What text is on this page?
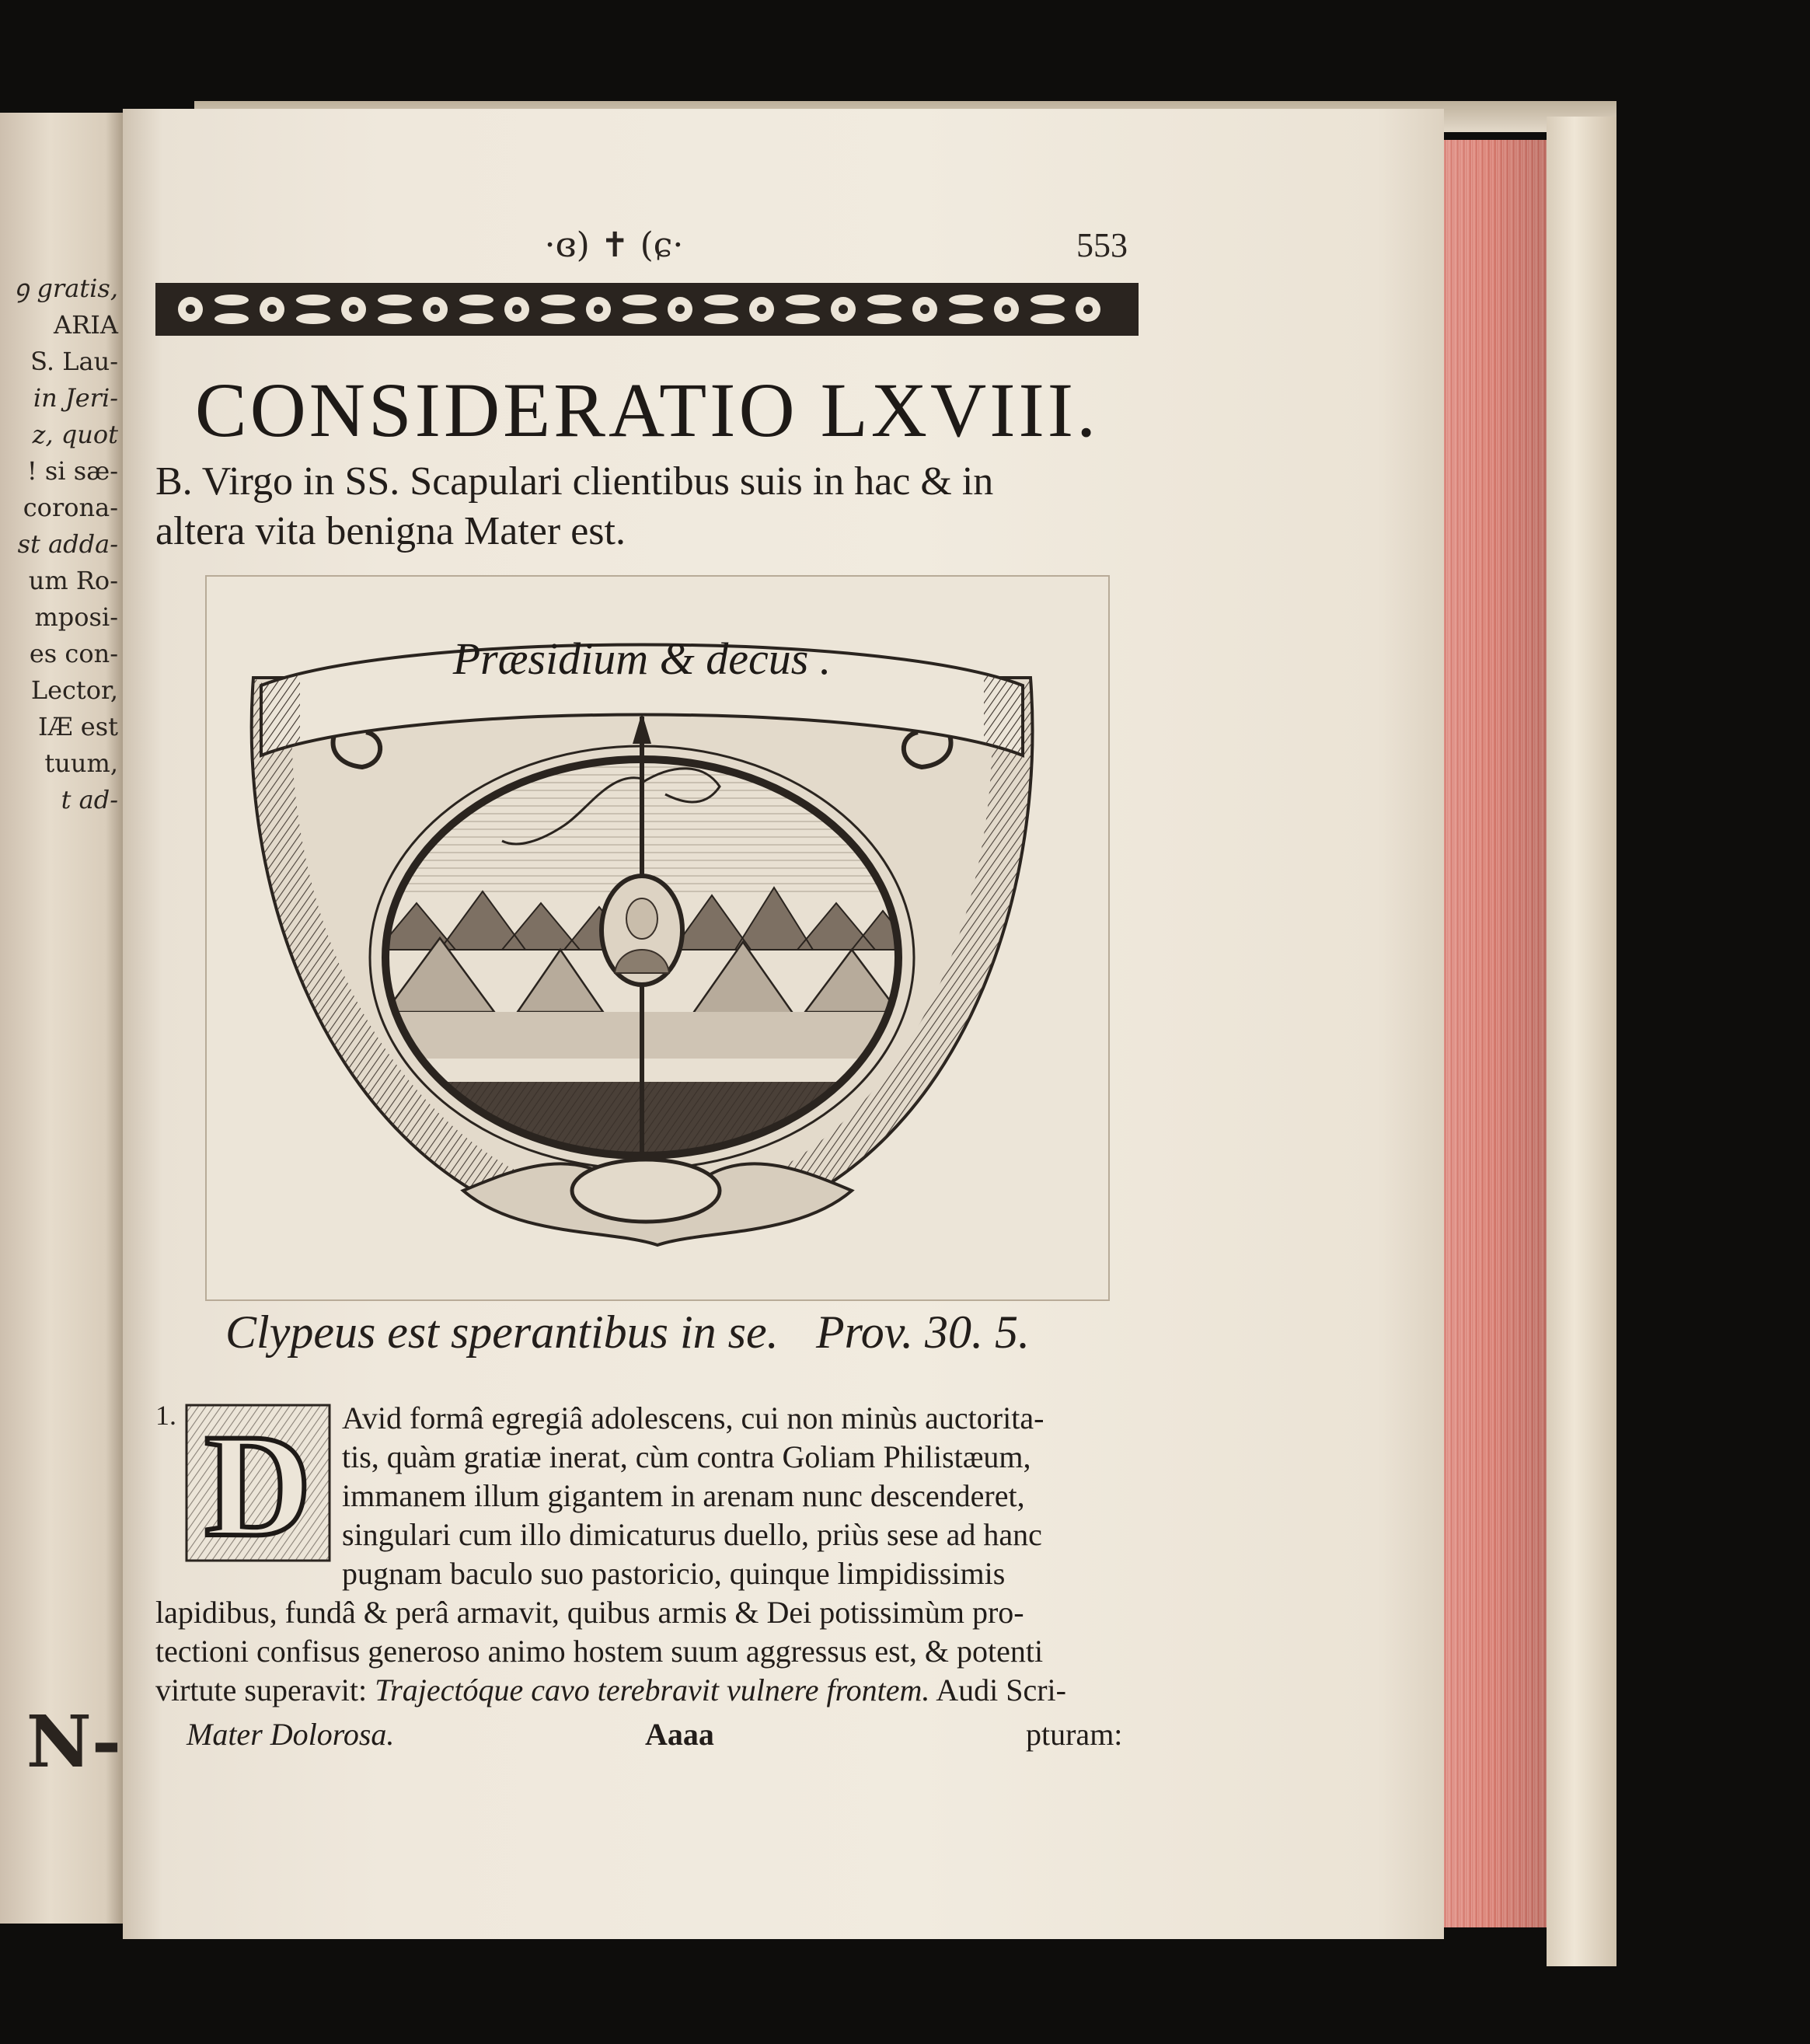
ꝯ gratis,
ARIA
S. Lau-
in Jeri-
z, quot
! si sæ-
corona-
st adda-
um Ro-
mposi-
es con-
Lector,
IÆ est
tuum,
t ad-
N-
·ɞ) ✝ (ɕ·	553
CONSIDERATIO LXVIII.
B. Virgo in SS. Scapulari clientibus suis in hac & in
altera vita benigna Mater est.
Præsidium & decus .
Clypeus est sperantibus in se. Prov. 30. 5.
1. D Avid formâ egregiâ adolescens, cui non minùs auctorita-
tis, quàm gratiæ inerat, cùm contra Goliam Philistæum,
immanem illum gigantem in arenam nunc descenderet,
singulari cum illo dimicaturus duello, priùs sese ad hanc
pugnam baculo suo pastoricio, quinque limpidissimis
lapidibus, fundâ & perâ armavit, quibus armis & Dei potissimùm pro-
tectioni confisus generoso animo hostem suum aggressus est, & potenti
virtute superavit: Trajectóque cavo terebravit vulnere frontem. Audi Scri-
Mater Dolorosa.	Aaaa	pturam:
